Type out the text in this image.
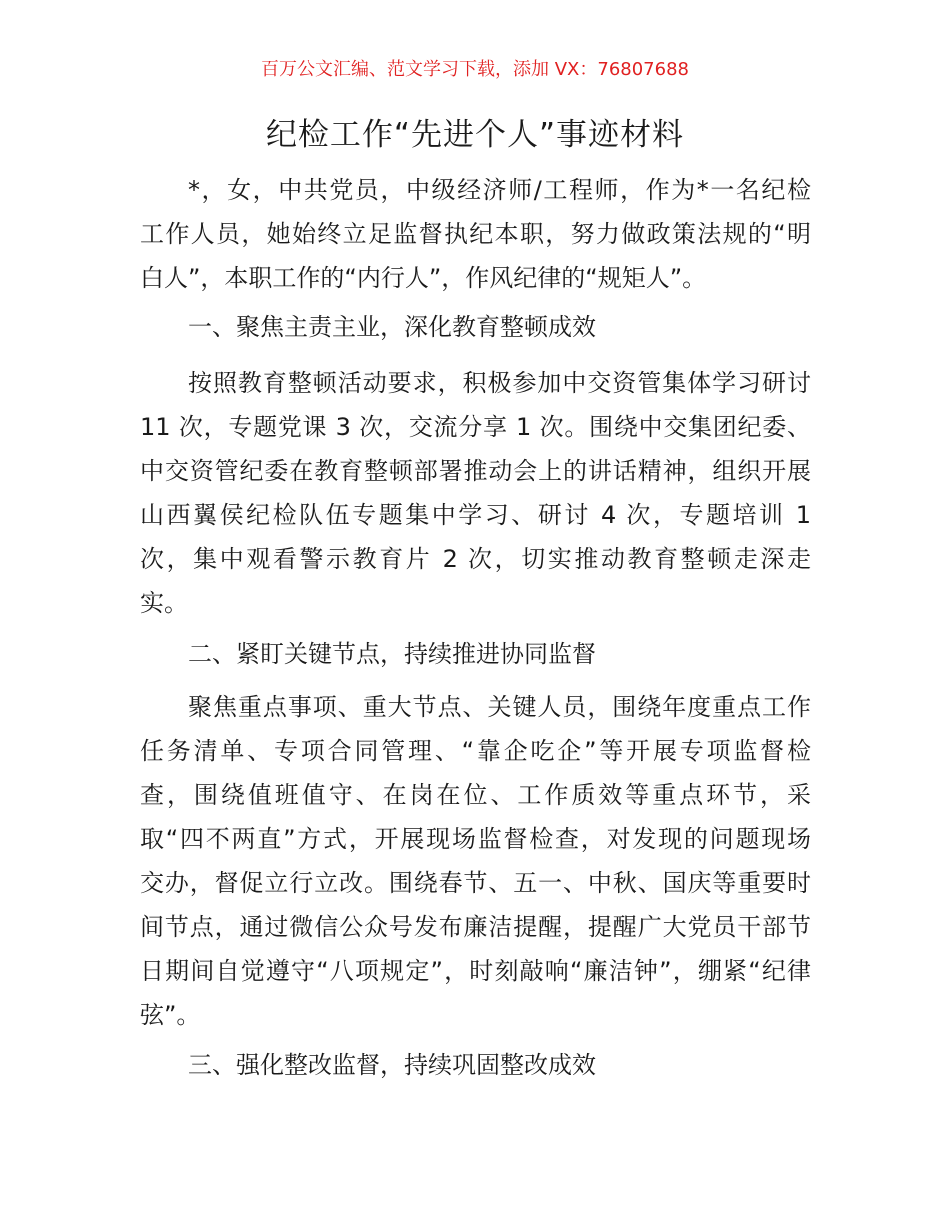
百万公文汇编、范文学习下载，添加 VX：76807688
纪检工作“先进个人”事迹材料
*，女，中共党员，中级经济师/工程师，作为*一名纪检
工作人员，她始终立足监督执纪本职，努力做政策法规的“明
白人”，本职工作的“内行人”，作风纪律的“规矩人”。
一、聚焦主责主业，深化教育整顿成效
按照教育整顿活动要求，积极参加中交资管集体学习研讨
11 次，专题党课 3 次，交流分享 1 次。围绕中交集团纪委、
中交资管纪委在教育整顿部署推动会上的讲话精神，组织开展
山西翼侯纪检队伍专题集中学习、研讨 4 次，专题培训 1
次，集中观看警示教育片 2 次，切实推动教育整顿走深走
实。
二、紧盯关键节点，持续推进协同监督
聚焦重点事项、重大节点、关键人员，围绕年度重点工作
任务清单、专项合同管理、“靠企吃企”等开展专项监督检
查，围绕值班值守、在岗在位、工作质效等重点环节，采
取“四不两直”方式，开展现场监督检查，对发现的问题现场
交办，督促立行立改。围绕春节、五一、中秋、国庆等重要时
间节点，通过微信公众号发布廉洁提醒，提醒广大党员干部节
日期间自觉遵守“八项规定”，时刻敲响“廉洁钟”，绷紧“纪律
弦”。
三、强化整改监督，持续巩固整改成效
